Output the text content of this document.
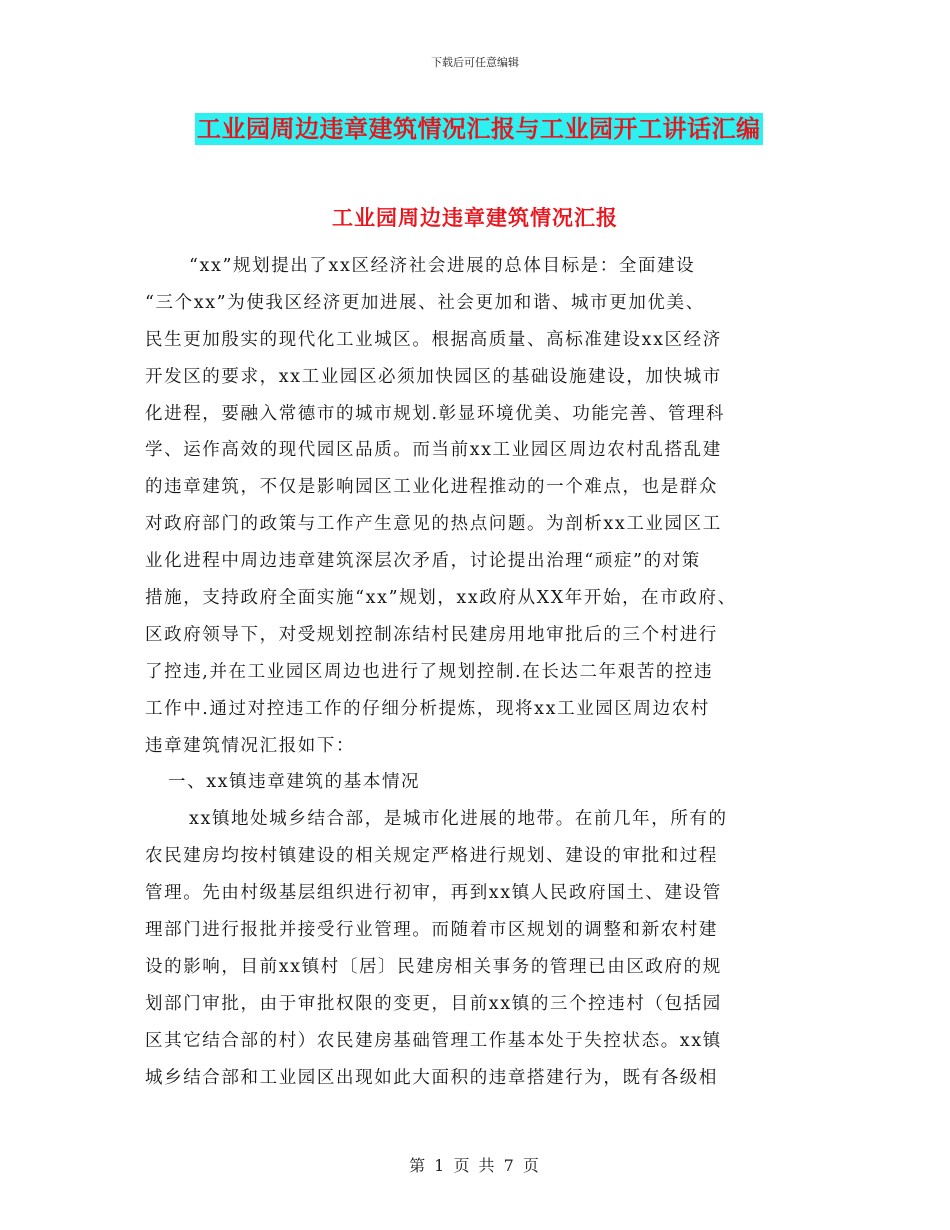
下载后可任意编辑
工业园周边违章建筑情况汇报与工业园开工讲话汇编
工业园周边违章建筑情况汇报
“xx”规划提出了xx区经济社会进展的总体目标是：全面建设
“三个xx”为使我区经济更加进展、社会更加和谐、城市更加优美、
民生更加殷实的现代化工业城区。根据高质量、高标准建设xx区经济
开发区的要求，xx工业园区必须加快园区的基础设施建设，加快城市
化进程，要融入常德市的城市规划.彰显环境优美、功能完善、管理科
学、运作高效的现代园区品质。而当前xx工业园区周边农村乱搭乱建
的违章建筑，不仅是影响园区工业化进程推动的一个难点，也是群众
对政府部门的政策与工作产生意见的热点问题。为剖析xx工业园区工
业化进程中周边违章建筑深层次矛盾，讨论提出治理“顽症”的对策
措施，支持政府全面实施“xx”规划，xx政府从XX年开始，在市政府、
区政府领导下，对受规划控制冻结村民建房用地审批后的三个村进行
了控违,并在工业园区周边也进行了规划控制.在长达二年艰苦的控违
工作中.通过对控违工作的仔细分析提炼，现将xx工业园区周边农村
违章建筑情况汇报如下：
一、xx镇违章建筑的基本情况
xx镇地处城乡结合部，是城市化进展的地带。在前几年，所有的
农民建房均按村镇建设的相关规定严格进行规划、建设的审批和过程
管理。先由村级基层组织进行初审，再到xx镇人民政府国土、建设管
理部门进行报批并接受行业管理。而随着市区规划的调整和新农村建
设的影响，目前xx镇村〔居〕民建房相关事务的管理已由区政府的规
划部门审批，由于审批权限的变更，目前xx镇的三个控违村（包括园
区其它结合部的村）农民建房基础管理工作基本处于失控状态。xx镇
城乡结合部和工业园区出现如此大面积的违章搭建行为，既有各级相
第 1 页 共 7 页
